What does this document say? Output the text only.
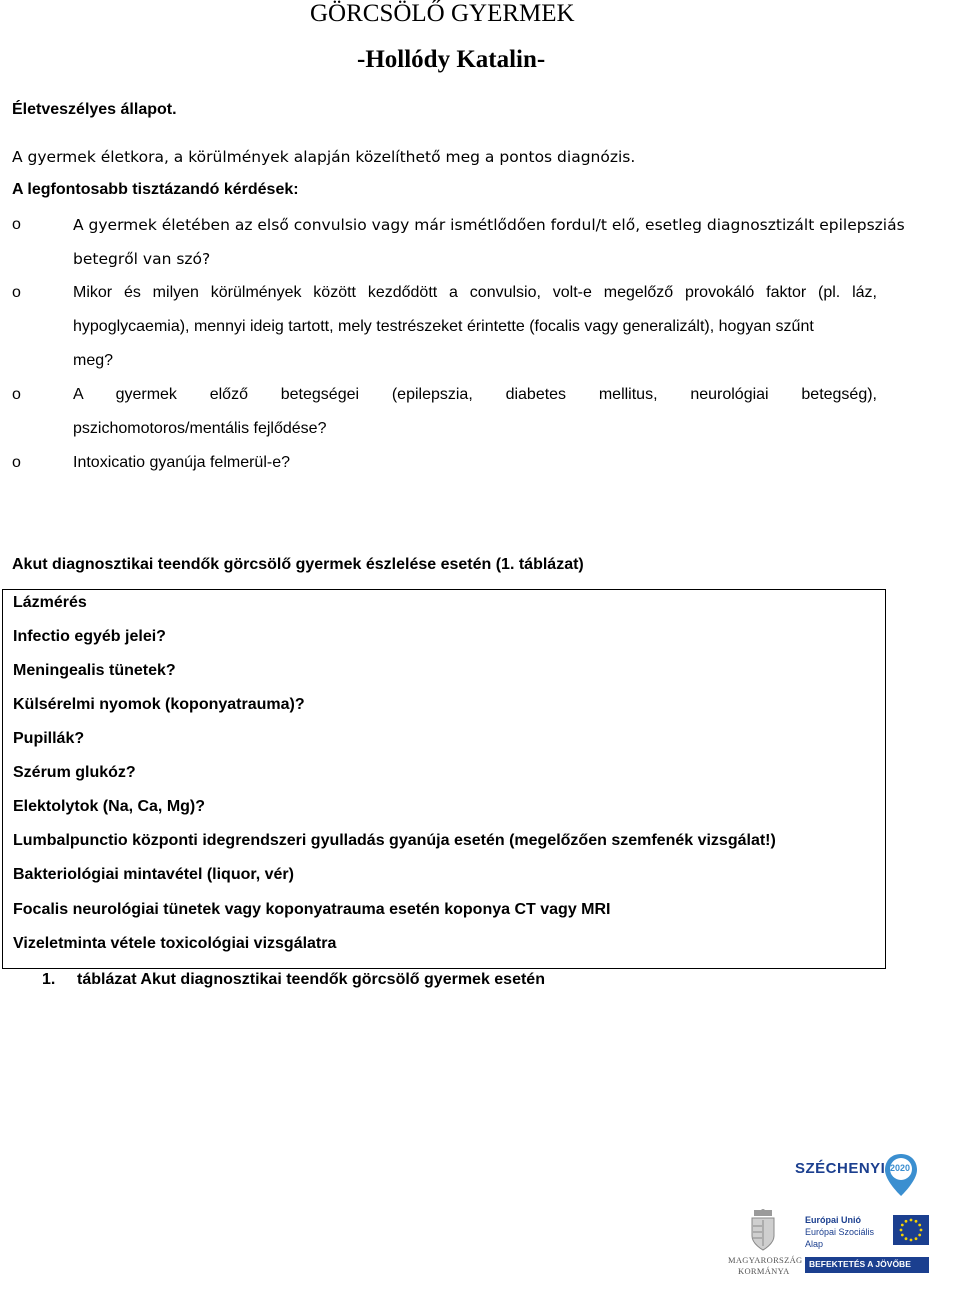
GÖRCSÖLŐ GYERMEK
-Hollódy Katalin-
Életveszélyes állapot.
A gyermek életkora, a körülmények alapján közelíthető meg a pontos diagnózis.
A legfontosabb tisztázandó kérdések:
o	A gyermek életében az első convulsio vagy már ismétlődően fordul/t elő, esetleg diagnosztizált epilepsziás
betegről van szó?
o	Mikor és milyen körülmények között kezdődött a convulsio, volt-e megelőző provokáló faktor (pl. láz,
hypoglycaemia), mennyi ideig tartott, mely testrészeket érintette (focalis vagy generalizált), hogyan szűnt
meg?
o	A gyermek előző betegségei (epilepszia, diabetes mellitus, neurológiai betegség),
pszichomotoros/mentális fejlődése?
o	Intoxicatio gyanúja felmerül-e?
Akut diagnosztikai teendők görcsölő gyermek észlelése esetén (1. táblázat)
Lázmérés
Infectio egyéb jelei?
Meningealis tünetek?
Külsérelmi nyomok (koponyatrauma)?
Pupillák?
Szérum glukóz?
Elektolytok (Na, Ca, Mg)?
Lumbalpunctio központi idegrendszeri gyulladás gyanúja esetén (megelőzően szemfenék vizsgálat!)
Bakteriológiai mintavétel (liquor, vér)
Focalis neurológiai tünetek vagy koponyatrauma esetén koponya CT vagy MRI
Vizeletminta vétele toxicológiai vizsgálatra
1. táblázat Akut diagnosztikai teendők görcsölő gyermek esetén
SZÉCHENYI 2020
MAGYARORSZÁG
KORMÁNYA
Európai Unió
Európai Szociális
Alap
BEFEKTETÉS A JÖVŐBE
